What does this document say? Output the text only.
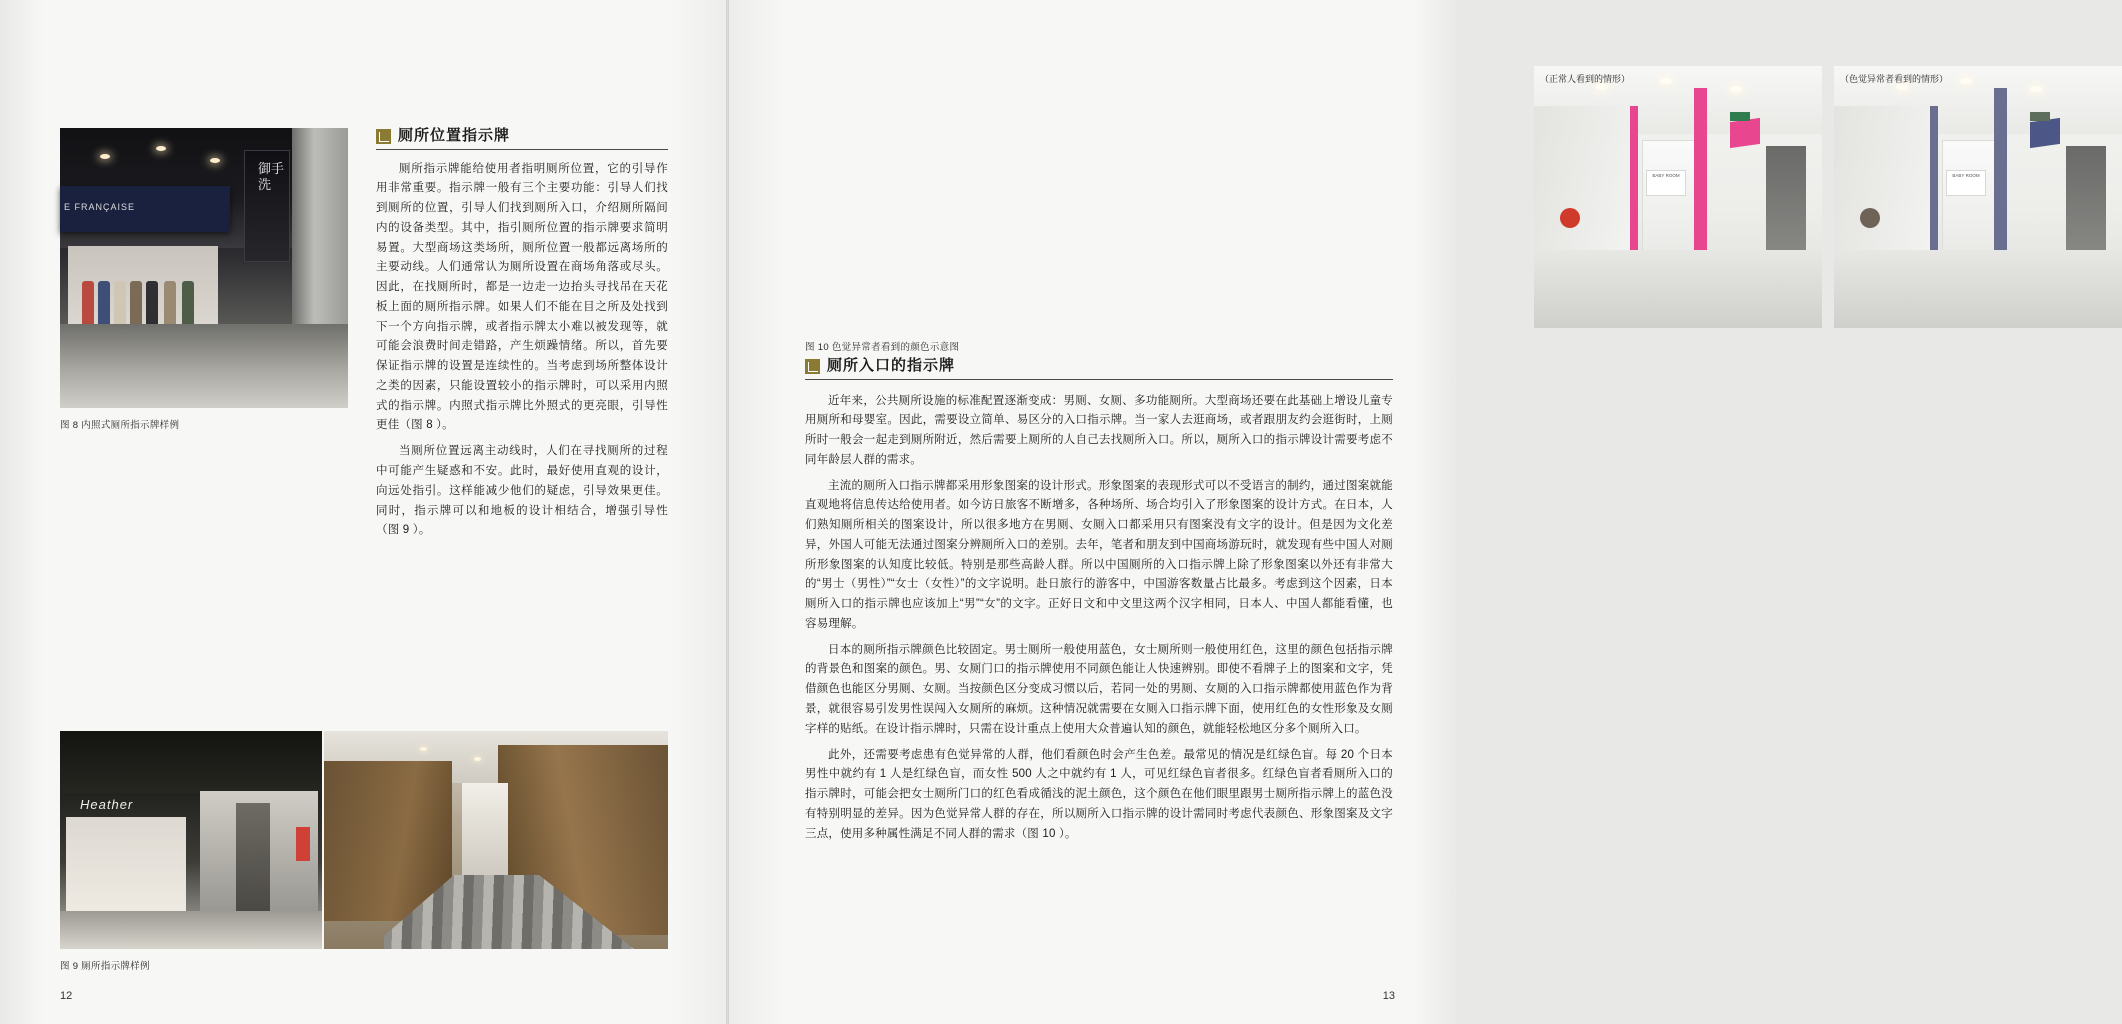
E FRANÇAISE
御手洗
图 8 内照式厕所指示牌样例
厕所位置指示牌

厕所指示牌能给使用者指明厕所位置，它的引导作用非常重要。指示牌一般有三个主要功能：引导人们找到厕所的位置，引导人们找到厕所入口，介绍厕所隔间内的设备类型。其中，指引厕所位置的指示牌要求简明易置。大型商场这类场所，厕所位置一般都远离场所的主要动线。人们通常认为厕所设置在商场角落或尽头。因此，在找厕所时，都是一边走一边抬头寻找吊在天花板上面的厕所指示牌。如果人们不能在目之所及处找到下一个方向指示牌，或者指示牌太小难以被发现等，就可能会浪费时间走错路，产生烦躁情绪。所以，首先要保证指示牌的设置是连续性的。当考虑到场所整体设计之类的因素，只能设置较小的指示牌时，可以采用内照式的指示牌。内照式指示牌比外照式的更亮眼，引导性更佳（图 8 ）。

当厕所位置远离主动线时，人们在寻找厕所的过程中可能产生疑惑和不安。此时，最好使用直观的设计，向远处指引。这样能减少他们的疑虑，引导效果更佳。同时，指示牌可以和地板的设计相结合，增强引导性（图 9 ）。

Heather
图 9 厕所指示牌样例
12
BABY ROOM
（正常人看到的情形）
BABY ROOM
（色觉异常者看到的情形）
图 10 色觉异常者看到的颜色示意图
厕所入口的指示牌

近年来，公共厕所设施的标准配置逐渐变成：男厕、女厕、多功能厕所。大型商场还要在此基础上增设儿童专用厕所和母婴室。因此，需要设立简单、易区分的入口指示牌。当一家人去逛商场，或者跟朋友约会逛街时，上厕所时一般会一起走到厕所附近，然后需要上厕所的人自己去找厕所入口。所以，厕所入口的指示牌设计需要考虑不同年龄层人群的需求。

主流的厕所入口指示牌都采用形象图案的设计形式。形象图案的表现形式可以不受语言的制约，通过图案就能直观地将信息传达给使用者。如今访日旅客不断增多，各种场所、场合均引入了形象图案的设计方式。在日本，人们熟知厕所相关的图案设计，所以很多地方在男厕、女厕入口都采用只有图案没有文字的设计。但是因为文化差异，外国人可能无法通过图案分辨厕所入口的差别。去年，笔者和朋友到中国商场游玩时，就发现有些中国人对厕所形象图案的认知度比较低。特别是那些高龄人群。所以中国厕所的入口指示牌上除了形象图案以外还有非常大的“男士（男性）”“女士（女性）”的文字说明。赴日旅行的游客中，中国游客数量占比最多。考虑到这个因素，日本厕所入口的指示牌也应该加上“男”“女”的文字。正好日文和中文里这两个汉字相同，日本人、中国人都能看懂，也容易理解。

日本的厕所指示牌颜色比较固定。男士厕所一般使用蓝色，女士厕所则一般使用红色，这里的颜色包括指示牌的背景色和图案的颜色。男、女厕门口的指示牌使用不同颜色能让人快速辨别。即使不看牌子上的图案和文字，凭借颜色也能区分男厕、女厕。当按颜色区分变成习惯以后，若同一处的男厕、女厕的入口指示牌都使用蓝色作为背景，就很容易引发男性误闯入女厕所的麻烦。这种情况就需要在女厕入口指示牌下面，使用红色的女性形象及女厕字样的贴纸。在设计指示牌时，只需在设计重点上使用大众普遍认知的颜色，就能轻松地区分多个厕所入口。

此外，还需要考虑患有色觉异常的人群，他们看颜色时会产生色差。最常见的情况是红绿色盲。每 20 个日本男性中就约有 1 人是红绿色盲，而女性 500 人之中就约有 1 人，可见红绿色盲者很多。红绿色盲者看厕所入口的指示牌时，可能会把女士厕所门口的红色看成循浅的泥土颜色，这个颜色在他们眼里跟男士厕所指示牌上的蓝色没有特别明显的差异。因为色觉异常人群的存在，所以厕所入口指示牌的设计需同时考虑代表颜色、形象图案及文字三点，使用多种属性满足不同人群的需求（图 10 ）。

13
